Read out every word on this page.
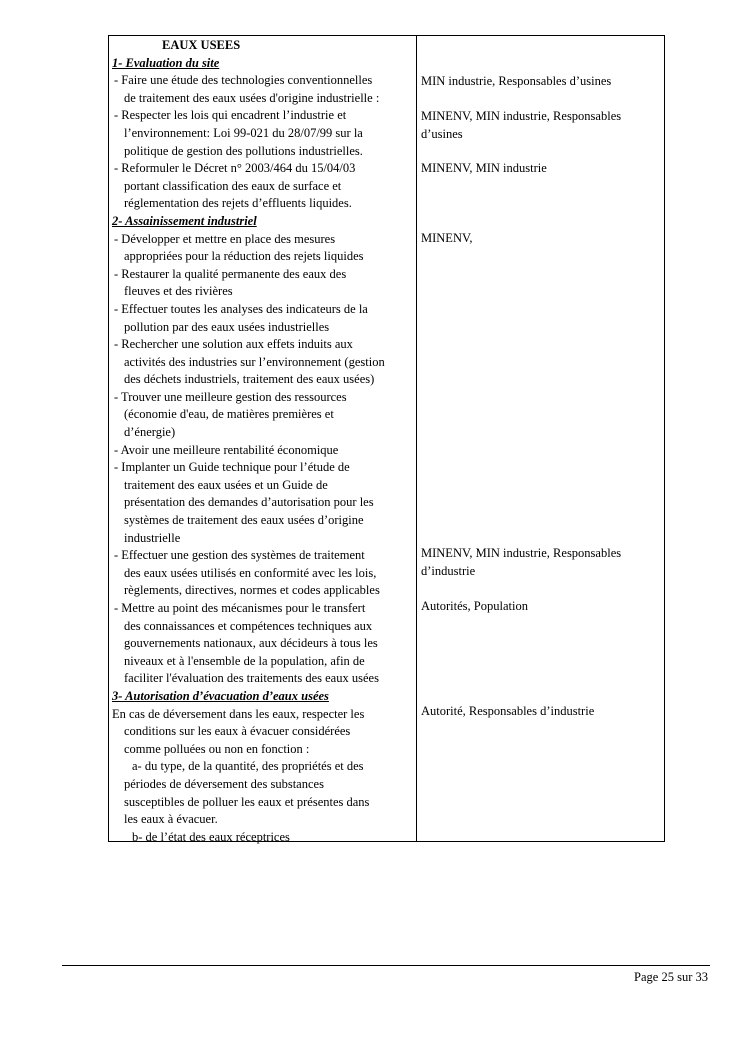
EAUX USEES
1- Evaluation du site
- Faire une étude des technologies conventionnelles
de traitement des eaux usées d'origine industrielle :
- Respecter les lois qui encadrent l’industrie et
l’environnement: Loi 99-021 du 28/07/99 sur la
politique de gestion des pollutions industrielles.
- Reformuler le Décret n° 2003/464 du 15/04/03
portant classification des eaux de surface et
réglementation des rejets d’effluents liquides.
2- Assainissement industriel
- Développer et mettre en place des mesures
appropriées pour la réduction des rejets liquides
- Restaurer la qualité permanente des eaux des
fleuves et des rivières
- Effectuer toutes les analyses des indicateurs de la
pollution par des eaux usées industrielles
- Rechercher une solution aux effets induits aux
activités des industries sur l’environnement (gestion
des déchets industriels, traitement des eaux usées)
- Trouver une meilleure gestion des ressources
(économie d'eau, de matières premières et
d’énergie)
- Avoir une meilleure rentabilité économique
- Implanter un Guide technique pour l’étude de
traitement des eaux usées et un Guide de
présentation des demandes d’autorisation pour les
systèmes de traitement des eaux usées d’origine
industrielle
- Effectuer une gestion des systèmes de traitement
des eaux usées utilisés en conformité avec les lois,
règlements, directives, normes et codes applicables
- Mettre au point des mécanismes pour le transfert
des connaissances et compétences techniques aux
gouvernements nationaux, aux décideurs à tous les
niveaux et à l'ensemble de la population, afin de
faciliter l'évaluation des traitements des eaux usées
3- Autorisation d’évacuation d’eaux usées
En cas de déversement dans les eaux, respecter les
conditions sur les eaux à évacuer considérées
comme polluées ou non en fonction :
a- du type, de la quantité, des propriétés et des
périodes de déversement des substances
susceptibles de polluer les eaux et présentes dans
les eaux à évacuer.
b- de l’état des eaux réceptrices
MIN industrie, Responsables d’usines
MINENV, MIN industrie, Responsables
d’usines
MINENV, MIN industrie
MINENV,
MINENV, MIN industrie, Responsables
d’industrie
Autorités, Population
Autorité, Responsables d’industrie
Page 25 sur 33
